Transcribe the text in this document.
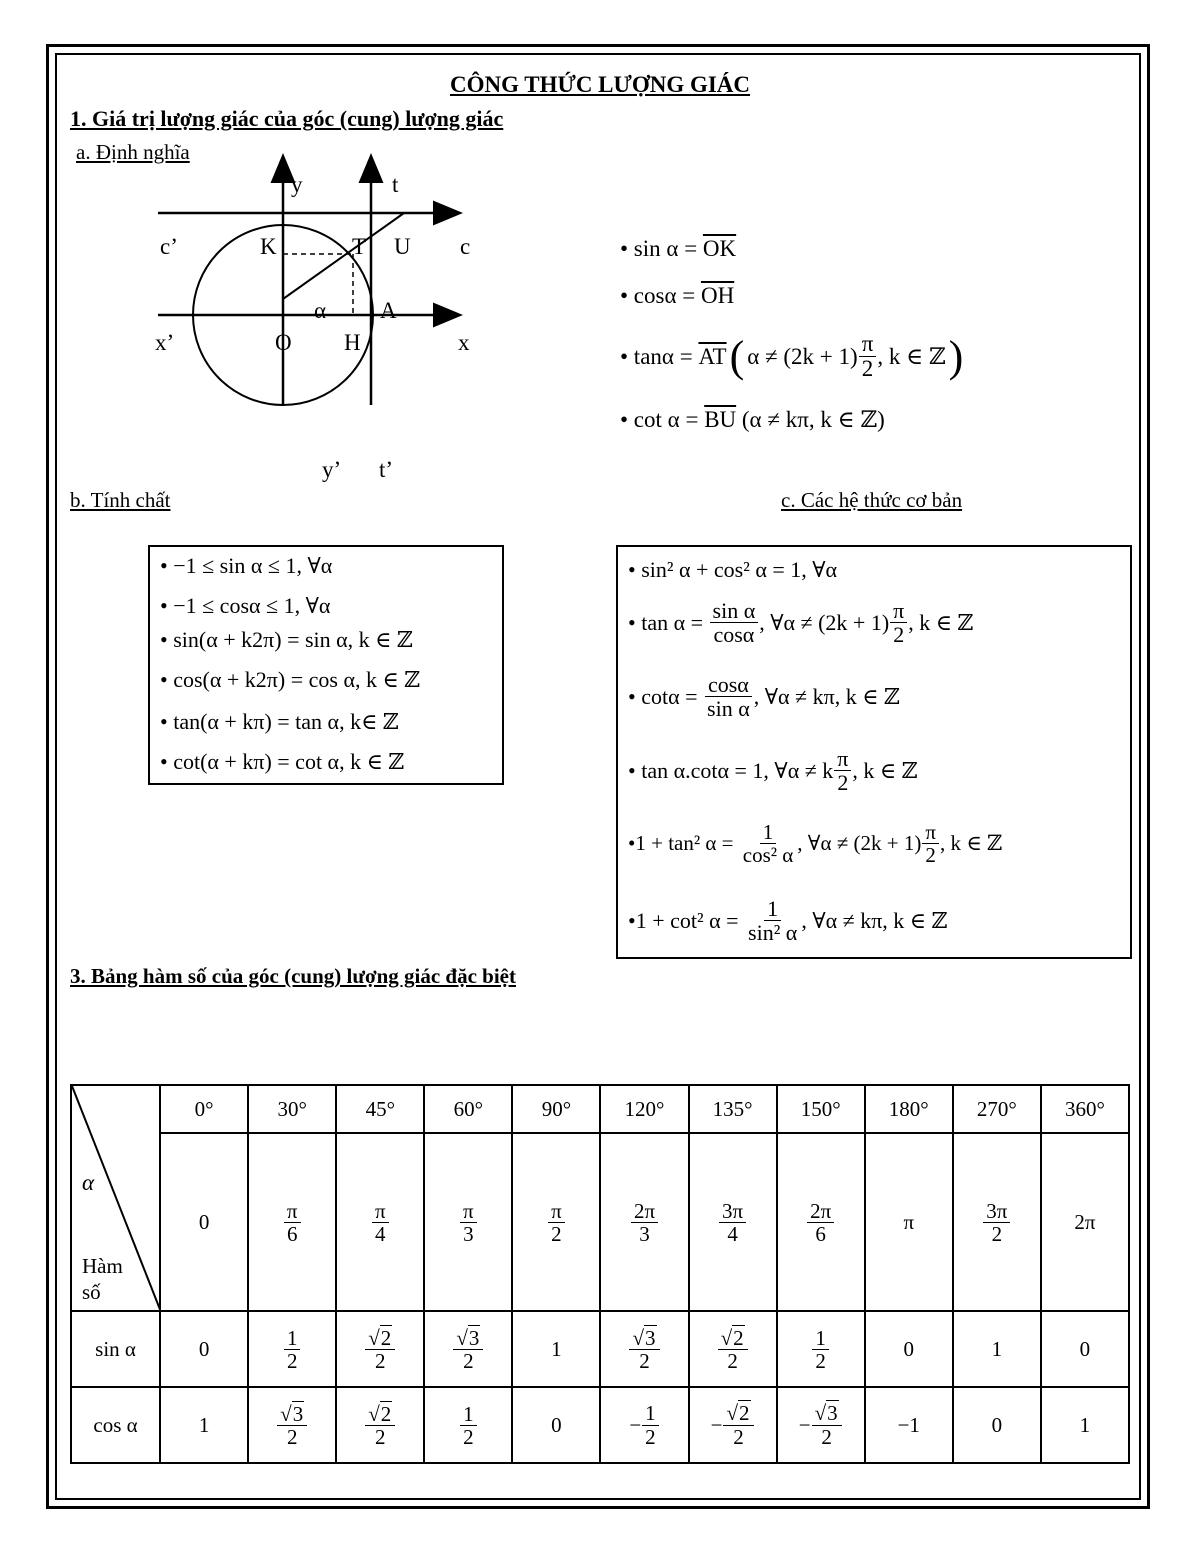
CÔNG THỨC LƯỢNG GIÁC
1. Giá trị lượng giác của góc (cung) lượng giác
a. Định nghĩa
y	t
c’	K	T U c
α A
x’	O H	x
y’ t’
• $\sin \alpha = \overline{OK}$
• $\cos\alpha = \overline{OH}$
• $\tan\alpha = \overline{AT}$ ( $\alpha \ne (2k + 1) \frac{\pi}{2}$ , k ∈ ℤ )
• $\cot \alpha = \overline{BU}$ (α ≠ kπ, k ∈ ℤ)
b. Tính chất	c. Các hệ thức cơ bản
• −1 ≤ sin α ≤ 1, ∀α
• −1 ≤ cosα ≤ 1, ∀α
• sin(α + k2π) = sin α, k ∈ ℤ
• cos(α + k2π) = cos α, k ∈ ℤ
• tan(α + kπ) = tan α, k∈ ℤ
• cot(α + kπ) = cot α, k ∈ ℤ
• sin² α + cos² α = 1, ∀α
• $\tan \alpha = \frac{\text{sin α}}{\cos\alpha}$ , ∀α ≠ $(2k + 1) \frac{\pi}{2}$ , k ∈ ℤ
• $\cot\alpha = \frac{\cos\alpha}{\text{sin α}}$ , ∀α ≠ kπ, k ∈ ℤ
• tan α.cotα = 1, ∀α ≠ k $\frac{\pi}{2}$ , k ∈ ℤ
•1 + tan² $\alpha = \frac{1}{\text{cos² α}}$ , ∀α ≠ $(2k + 1) \frac{\pi}{2}$ , k ∈ ℤ
•1 + cot² $\alpha = \frac{1}{\text{sin² α}}$ , ∀α ≠ kπ, k ∈ ℤ
3. Bảng hàm số của góc (cung) lượng giác đặc biệt
α
Hàm
số	0°	30°	45°	60°	90°	120°	135°	150°	180°	270°	360°
	0	$\frac{\pi}{6}$	$\frac{\pi}{4}$	$\frac{\pi}{3}$	$\frac{\pi}{2}$	$\frac{2\pi}{3}$	$\frac{3\pi}{4}$	$\frac{2\pi}{6}$	π	$\frac{3\pi}{2}$	2π
sin α	0	$\frac{1}{2}$	$\frac{√2}{2}$	$\frac{√3}{2}$	1	$\frac{√3}{2}$	$\frac{√2}{2}$	$\frac{1}{2}$	0	1	0
cos α	1	$\frac{√3}{2}$	$\frac{√2}{2}$	$\frac{1}{2}$	0	− $\frac{1}{2}$	− $\frac{√2}{2}$	− $\frac{√3}{2}$	−1	0	1
